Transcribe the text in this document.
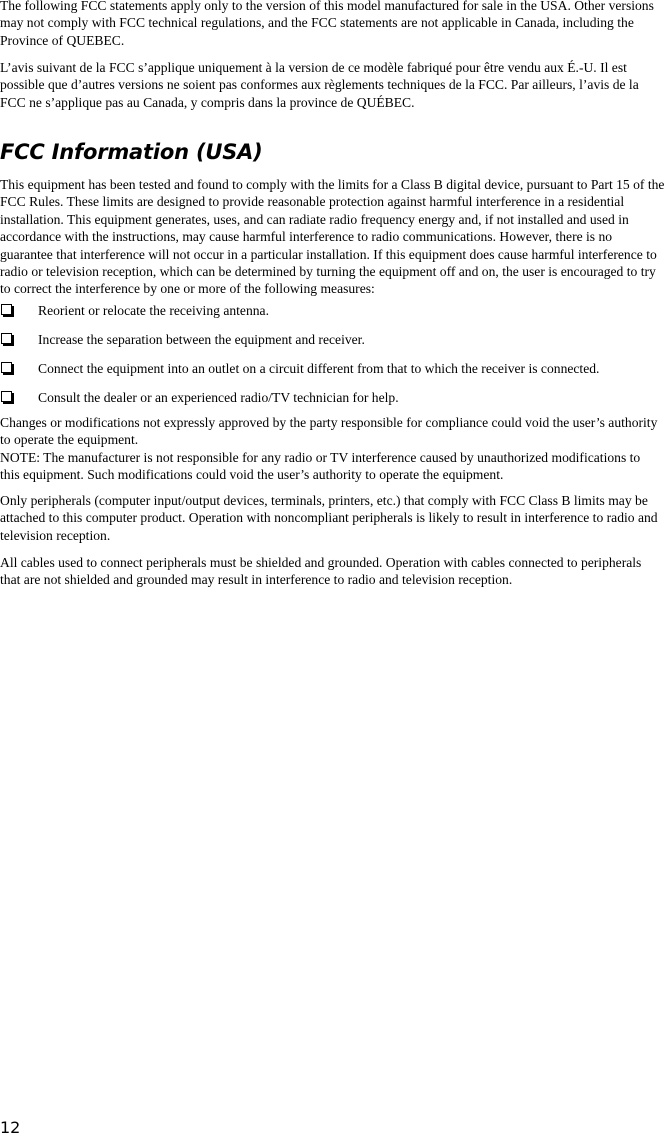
The following FCC statements apply only to the version of this model manufactured for sale in the USA. Other versions may not comply with FCC technical regulations, and the FCC statements are not applicable in Canada, including the Province of QUEBEC.

L’avis suivant de la FCC s’applique uniquement à la version de ce modèle fabriqué pour être vendu aux É.-U. Il est possible que d’autres versions ne soient pas conformes aux règlements techniques de la FCC. Par ailleurs, l’avis de la FCC ne s’applique pas au Canada, y compris dans la province de QUÉBEC.

FCC Information (USA)

This equipment has been tested and found to comply with the limits for a Class B digital device, pursuant to Part 15 of the FCC Rules. These limits are designed to provide reasonable protection against harmful interference in a residential installation. This equipment generates, uses, and can radiate radio frequency energy and, if not installed and used in accordance with the instructions, may cause harmful interference to radio communications. However, there is no guarantee that interference will not occur in a particular installation. If this equipment does cause harmful interference to radio or television reception, which can be determined by turning the equipment off and on, the user is encouraged to try to correct the interference by one or more of the following measures:

Reorient or relocate the receiving antenna.
Increase the separation between the equipment and receiver.
Connect the equipment into an outlet on a circuit different from that to which the receiver is connected.
Consult the dealer or an experienced radio/TV technician for help.

Changes or modifications not expressly approved by the party responsible for compliance could void the user’s authority to operate the equipment.

NOTE: The manufacturer is not responsible for any radio or TV interference caused by unauthorized modifications to this equipment. Such modifications could void the user’s authority to operate the equipment.

Only peripherals (computer input/output devices, terminals, printers, etc.) that comply with FCC Class B limits may be attached to this computer product. Operation with noncompliant peripherals is likely to result in interference to radio and television reception.

All cables used to connect peripherals must be shielded and grounded. Operation with cables connected to peripherals that are not shielded and grounded may result in interference to radio and television reception.

12
